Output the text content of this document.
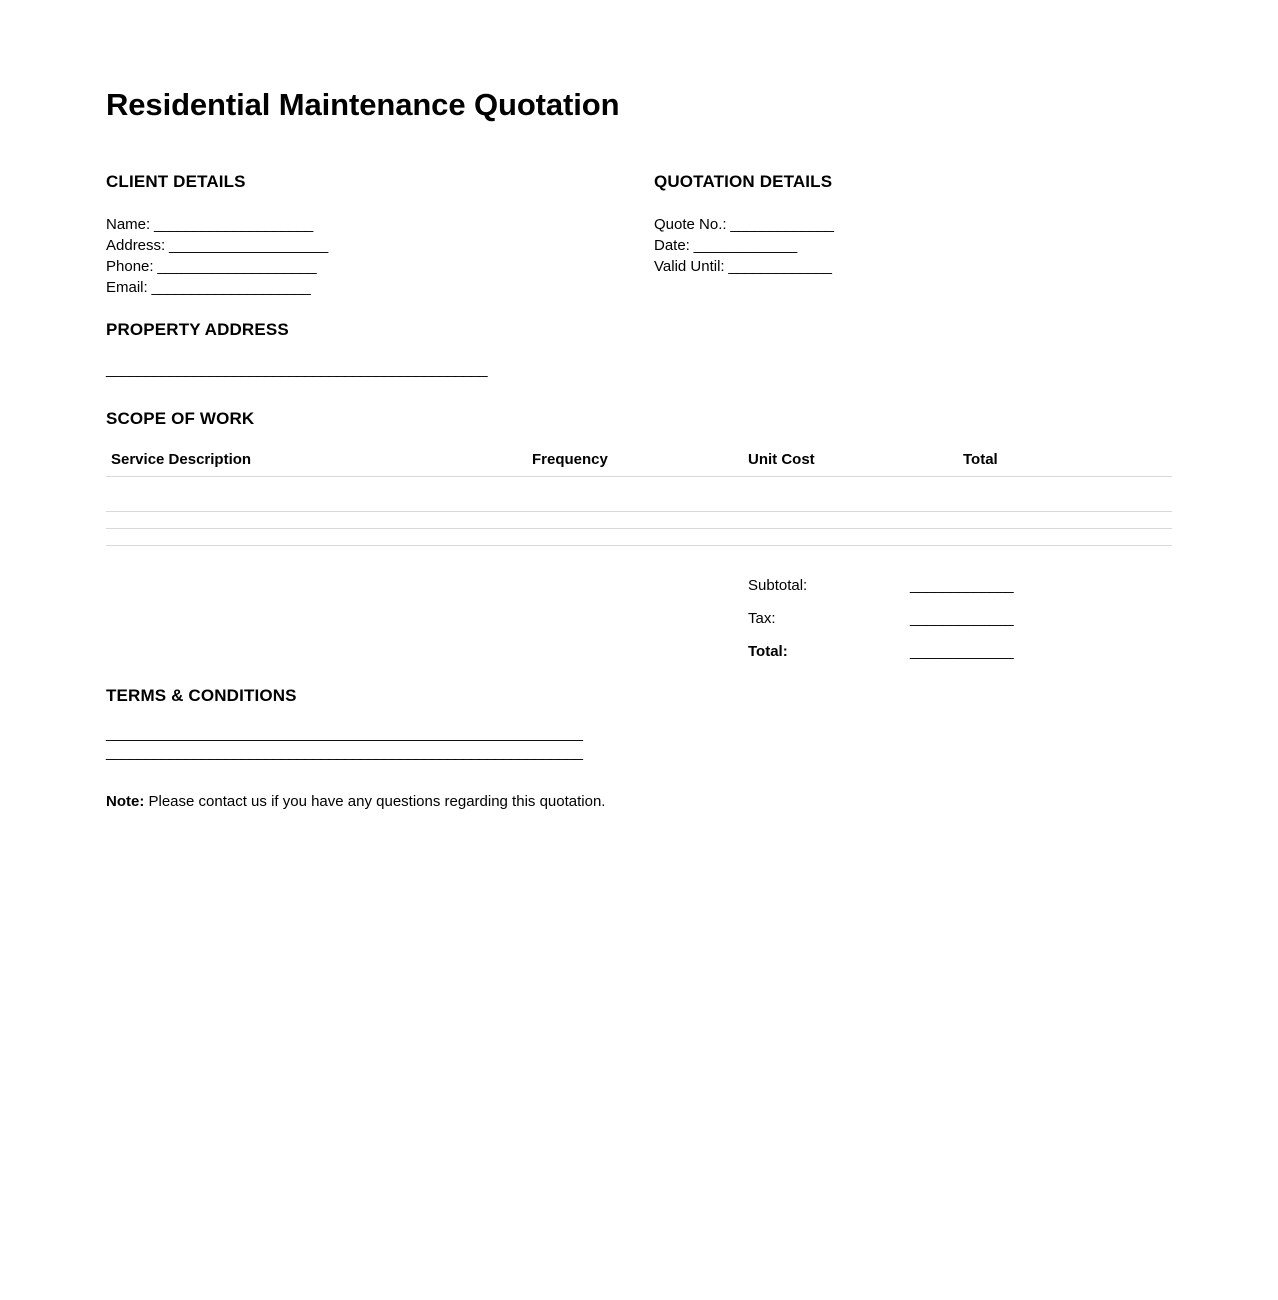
Residential Maintenance Quotation
CLIENT DETAILS
Name: ____________________
Address: ____________________
Phone: ____________________
Email: ____________________
QUOTATION DETAILS
Quote No.: _____________
Date: _____________
Valid Until: _____________
PROPERTY ADDRESS
________________________________________________
SCOPE OF WORK
Service Description	Frequency	Unit Cost	Total
Subtotal:	_____________
Tax:	_____________
Total:	_____________
TERMS & CONDITIONS
____________________________________________________________
____________________________________________________________
Note: Please contact us if you have any questions regarding this quotation.
